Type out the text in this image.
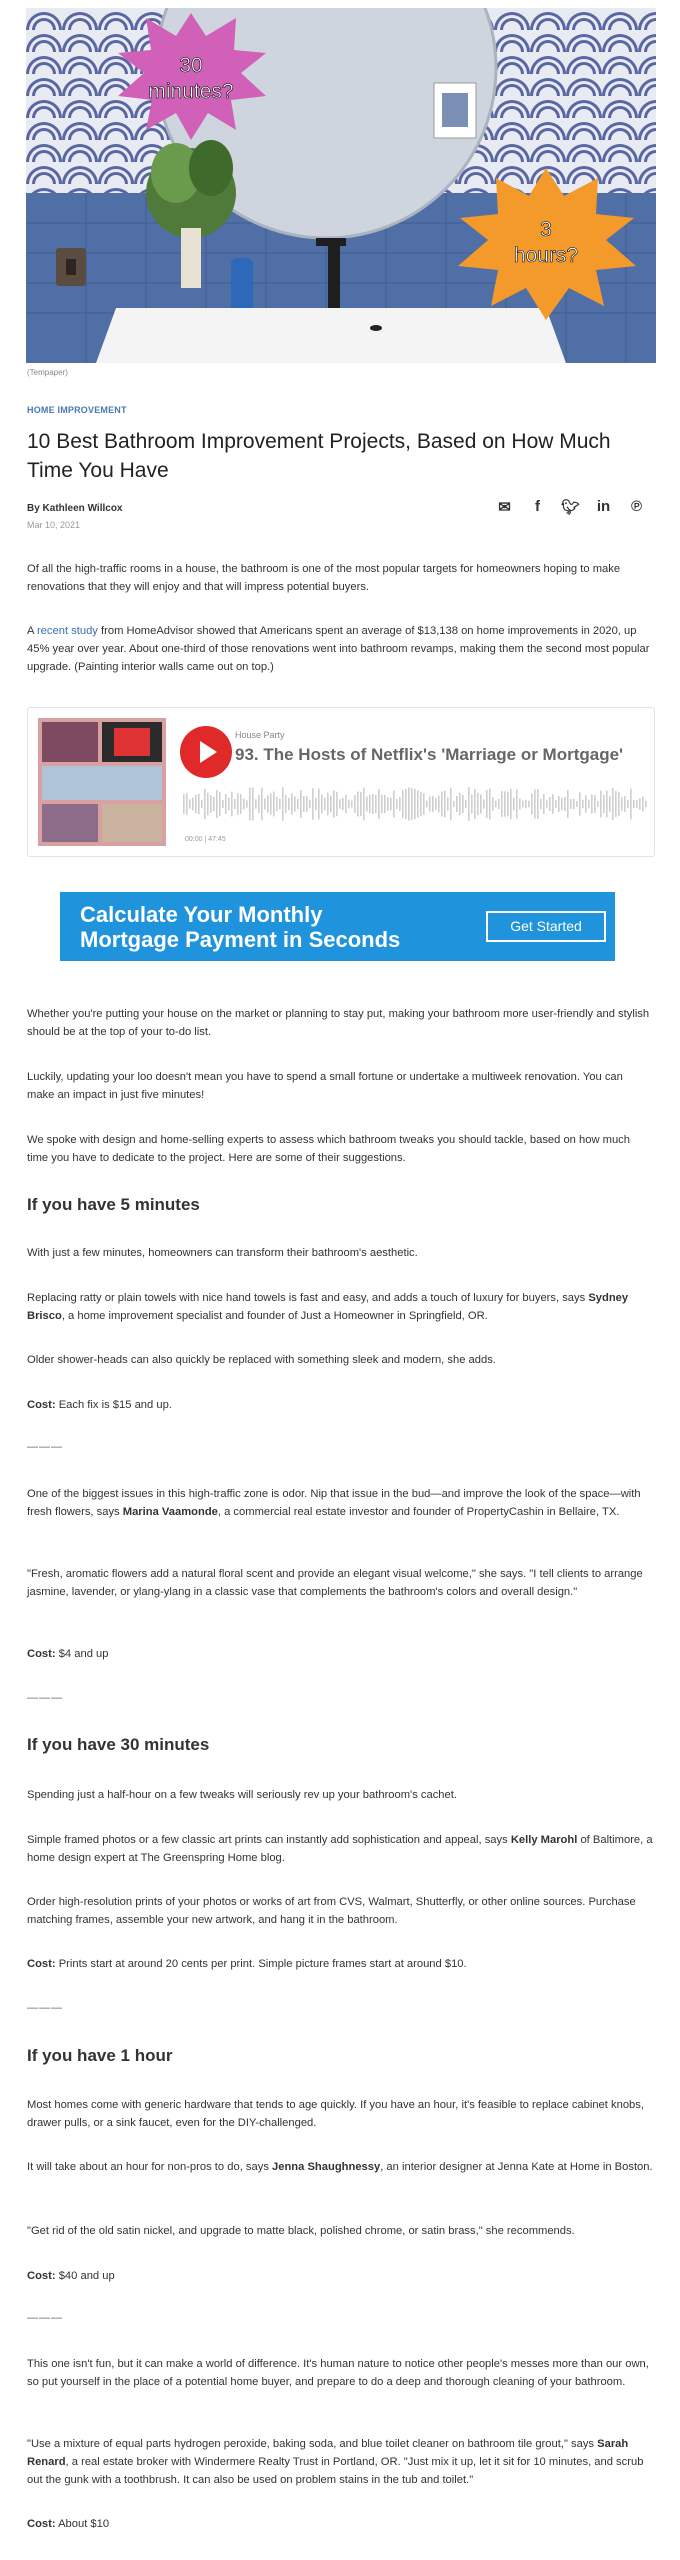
30
minutes?
3
hours?
(Tempaper)
HOME IMPROVEMENT
10 Best Bathroom Improvement Projects, Based on How Much Time You Have
By Kathleen Willcox
Mar 10, 2021
✉	f	🐦︎	in	℗

Of all the high-traffic rooms in a house, the bathroom is one of the most popular targets for homeowners hoping to make renovations that they will enjoy and that will impress potential buyers.

A recent study from HomeAdvisor showed that Americans spent an average of $13,138 on home improvements in 2020, up 45% year over year. About one-third of those renovations went into bathroom revamps, making them the second most popular upgrade. (Painting interior walls came out on top.)

House Party
93. The Hosts of Netflix's 'Marriage or Mortgage'
00:00 | 47:45
Calculate Your Monthly
Mortgage Payment in Seconds
Get Started

Whether you're putting your house on the market or planning to stay put, making your bathroom more user-friendly and stylish should be at the top of your to-do list.

Luckily, updating your loo doesn't mean you have to spend a small fortune or undertake a multiweek renovation. You can make an impact in just five minutes!

We spoke with design and home-selling experts to assess which bathroom tweaks you should tackle, based on how much time you have to dedicate to the project. Here are some of their suggestions.

If you have 5 minutes

With just a few minutes, homeowners can transform their bathroom's aesthetic.

Replacing ratty or plain towels with nice hand towels is fast and easy, and adds a touch of luxury for buyers, says Sydney Brisco, a home improvement specialist and founder of Just a Homeowner in Springfield, OR.

Older shower-heads can also quickly be replaced with something sleek and modern, she adds.

Cost: Each fix is $15 and up.

———

One of the biggest issues in this high-traffic zone is odor. Nip that issue in the bud—and improve the look of the space—with fresh flowers, says Marina Vaamonde, a commercial real estate investor and founder of PropertyCashin in Bellaire, TX.

"Fresh, aromatic flowers add a natural floral scent and provide an elegant visual welcome," she says. "I tell clients to arrange jasmine, lavender, or ylang-ylang in a classic vase that complements the bathroom's colors and overall design."

Cost: $4 and up

———
If you have 30 minutes

Spending just a half-hour on a few tweaks will seriously rev up your bathroom's cachet.

Simple framed photos or a few classic art prints can instantly add sophistication and appeal, says Kelly Marohl of Baltimore, a home design expert at The Greenspring Home blog.

Order high-resolution prints of your photos or works of art from CVS, Walmart, Shutterfly, or other online sources. Purchase matching frames, assemble your new artwork, and hang it in the bathroom.

Cost: Prints start at around 20 cents per print. Simple picture frames start at around $10.

———
If you have 1 hour

Most homes come with generic hardware that tends to age quickly. If you have an hour, it's feasible to replace cabinet knobs, drawer pulls, or a sink faucet, even for the DIY-challenged.

It will take about an hour for non-pros to do, says Jenna Shaughnessy, an interior designer at Jenna Kate at Home in Boston.

"Get rid of the old satin nickel, and upgrade to matte black, polished chrome, or satin brass," she recommends.

Cost: $40 and up

———

This one isn't fun, but it can make a world of difference. It's human nature to notice other people's messes more than our own, so put yourself in the place of a potential home buyer, and prepare to do a deep and thorough cleaning of your bathroom.

"Use a mixture of equal parts hydrogen peroxide, baking soda, and blue toilet cleaner on bathroom tile grout," says Sarah Renard, a real estate broker with Windermere Realty Trust in Portland, OR. "Just mix it up, let it sit for 10 minutes, and scrub out the gunk with a toothbrush. It can also be used on problem stains in the tub and toilet."

Cost: About $10
